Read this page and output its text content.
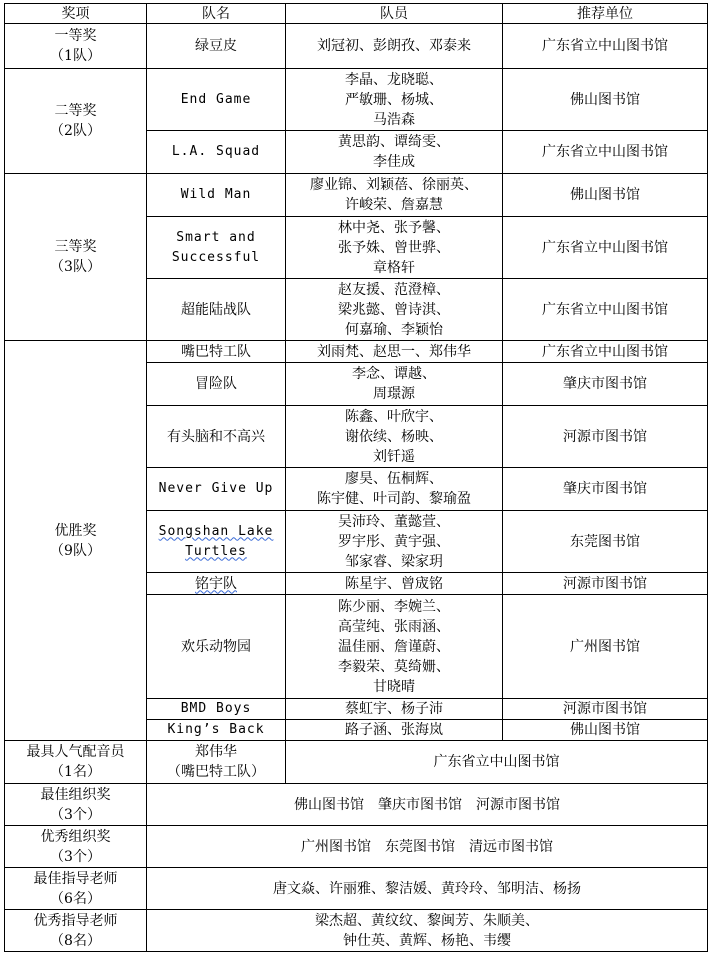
奖项	队名	队员	推荐单位
一等奖
（1队）	绿豆皮	刘冠初、彭朗孜、邓泰来	广东省立中山图书馆
二等奖
（2队）	End Game	李晶、龙晓聪、
严敏珊、杨城、
马浩森	佛山图书馆
	L.A. Squad	黄思韵、谭绮雯、
李佳成	广东省立中山图书馆
三等奖
（3队）	Wild Man	廖业锦、刘颖蓓、徐丽英、
许峻荣、詹嘉慧	佛山图书馆
	Smart and
Successful	林中尧、张予馨、
张予姝、曾世骅、
章格轩	广东省立中山图书馆
	超能陆战队	赵友援、范澄樟、
梁兆懿、曾诗淇、
何嘉瑜、李颖怡	广东省立中山图书馆
优胜奖
（9队）	嘴巴特工队	刘雨梵、赵思一、郑伟华	广东省立中山图书馆
	冒险队	李念、谭越、
周璟源	肇庆市图书馆
	有头脑和不高兴	陈鑫、叶欣宇、
谢依续、杨映、
刘钎遥	河源市图书馆
	Never Give Up	廖昊、伍桐辉、
陈宇健、叶司韵、黎瑜盈	肇庆市图书馆
	Songshan Lake
Turtles	吴沛玲、董懿萱、
罗宇彤、黄宇强、
邹家睿、梁家玥	东莞图书馆
	铭宇队	陈星宇、曾宬铭	河源市图书馆
	欢乐动物园	陈少丽、李婉兰、
高莹纯、张雨涵、
温佳丽、詹谨蔚、
李毅荣、莫绮姗、
甘晓晴	广州图书馆
	BMD Boys	蔡虹宇、杨子沛	河源市图书馆
	King’s Back	路子涵、张海岚	佛山图书馆
最具人气配音员
（1名）	郑伟华
（嘴巴特工队）	广东省立中山图书馆	
最佳组织奖
（3个）	佛山图书馆　肇庆市图书馆　河源市图书馆		
优秀组织奖
（3个）	广州图书馆　东莞图书馆　清远市图书馆		
最佳指导老师
（6名）	唐文焱、许丽雅、黎洁媛、黄玲玲、邹明洁、杨扬		
优秀指导老师
（8名）	梁杰超、黄纹纹、黎闽芳、朱顺美、
钟仕英、黄辉、杨艳、韦缨		
